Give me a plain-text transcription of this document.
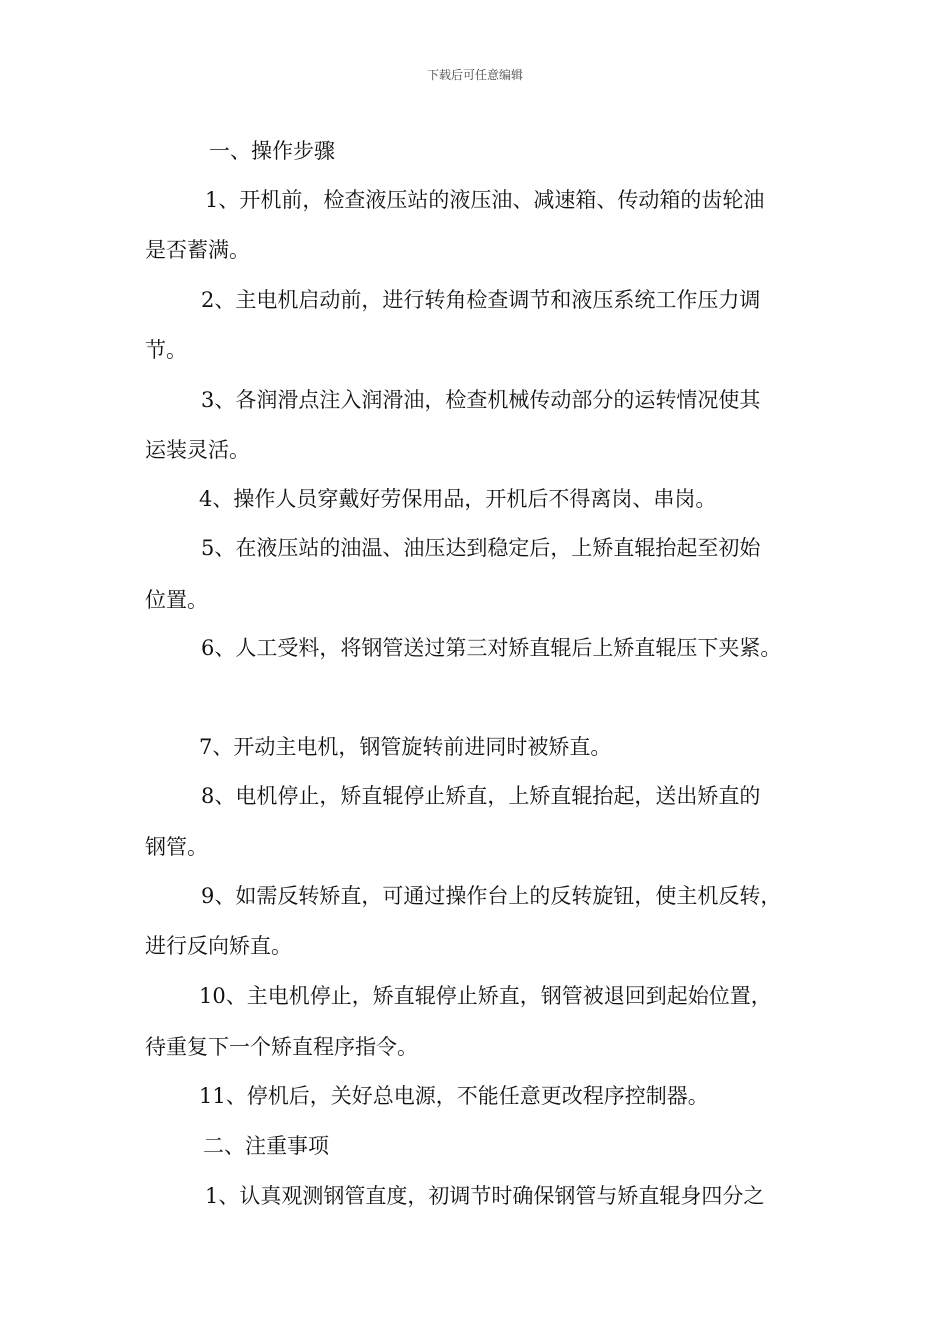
下载后可任意编辑
一、操作步骤
1、开机前，检查液压站的液压油、减速箱、传动箱的齿轮油
是否蓄满。
2、主电机启动前，进行转角检查调节和液压系统工作压力调
节。
3、各润滑点注入润滑油，检查机械传动部分的运转情况使其
运装灵活。
4、操作人员穿戴好劳保用品，开机后不得离岗、串岗。
5、在液压站的油温、油压达到稳定后，上矫直辊抬起至初始
位置。
6、人工受料，将钢管送过第三对矫直辊后上矫直辊压下夹紧。
7、开动主电机，钢管旋转前进同时被矫直。
8、电机停止，矫直辊停止矫直，上矫直辊抬起，送出矫直的
钢管。
9、如需反转矫直，可通过操作台上的反转旋钮，使主机反转，
进行反向矫直。
10、主电机停止，矫直辊停止矫直，钢管被退回到起始位置，
待重复下一个矫直程序指令。
11、停机后，关好总电源，不能任意更改程序控制器。
二、注重事项
1、认真观测钢管直度，初调节时确保钢管与矫直辊身四分之
